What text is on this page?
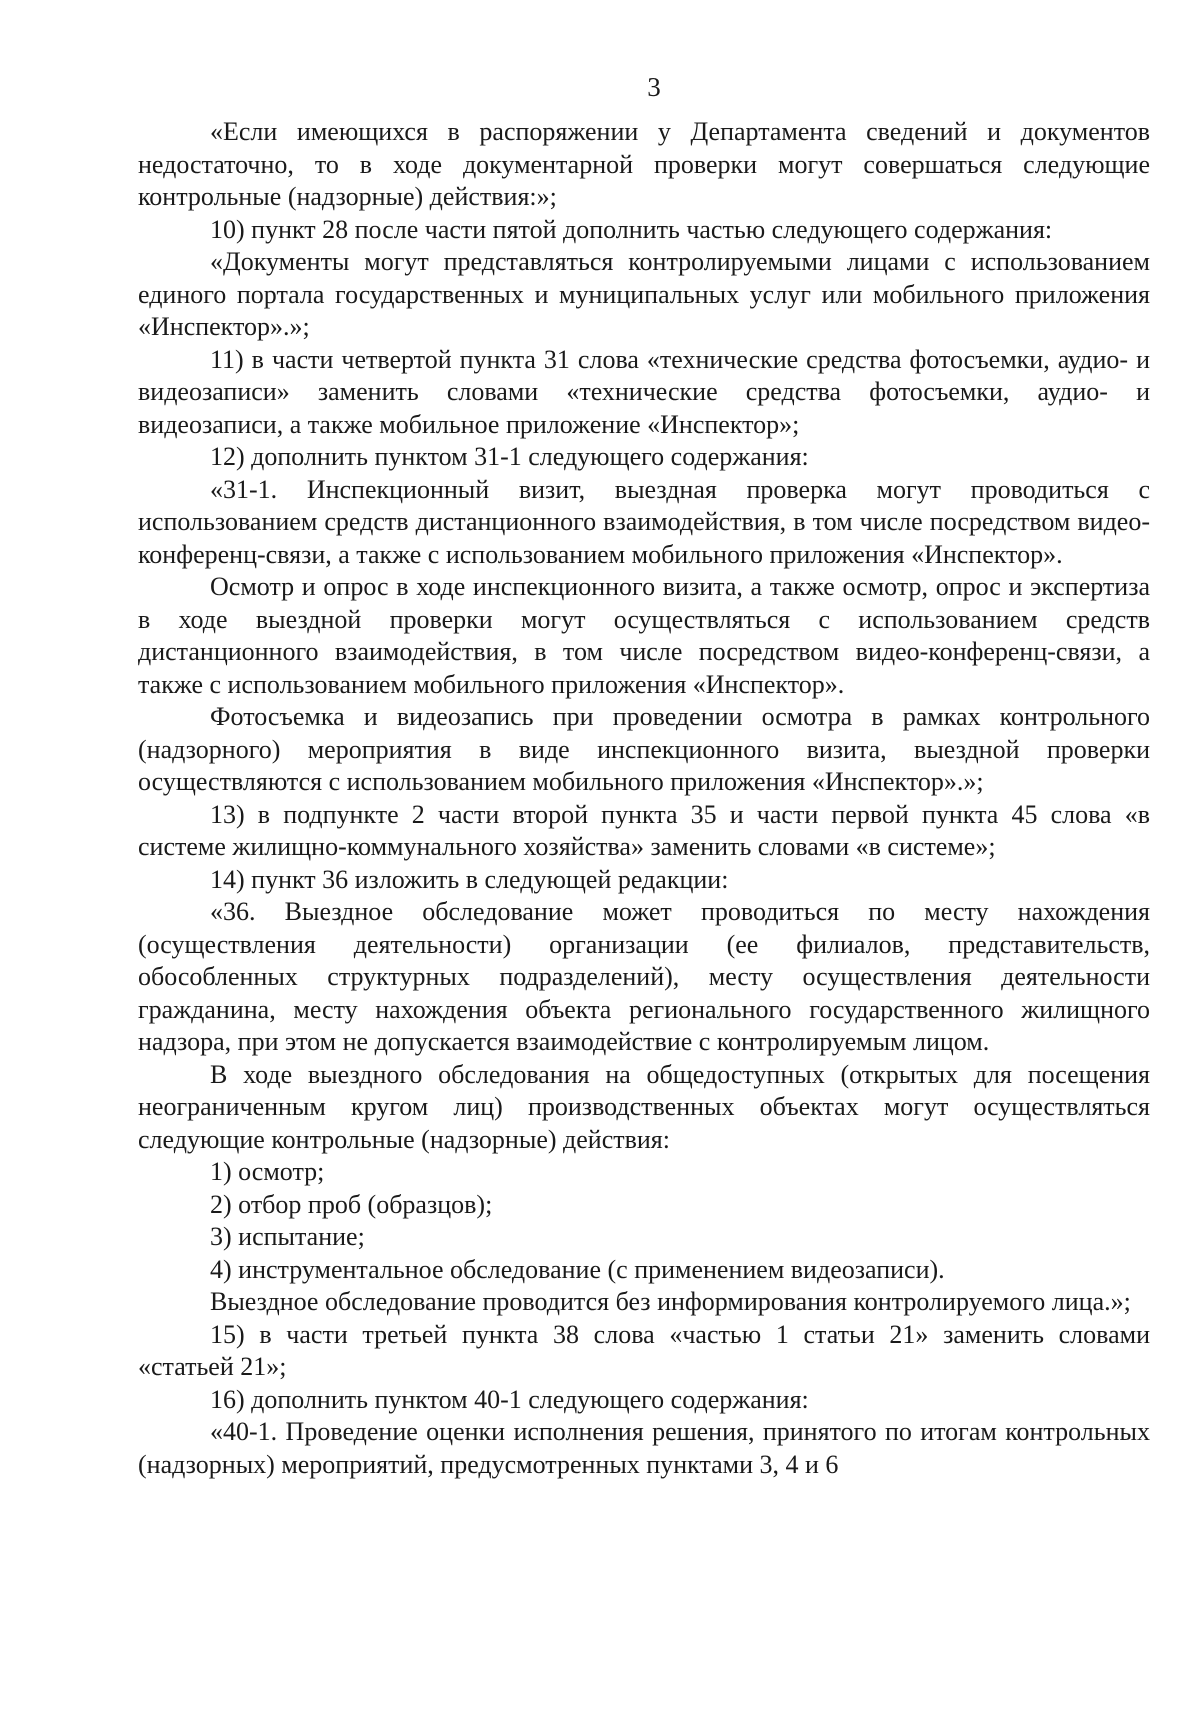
3

«Если имеющихся в распоряжении у Департамента сведений и документов недостаточно, то в ходе документарной проверки могут совершаться следующие контрольные (надзорные) действия:»;

10) пункт 28 после части пятой дополнить частью следующего содержания:

«Документы могут представляться контролируемыми лицами с использованием единого портала государственных и муниципальных услуг или мобильного приложения «Инспектор».»;

11) в части четвертой пункта 31 слова «технические средства фотосъемки, аудио- и видеозаписи» заменить словами «технические средства фотосъемки, аудио- и видеозаписи, а также мобильное приложение «Инспектор»;

12) дополнить пунктом 31-1 следующего содержания:

«31-1. Инспекционный визит, выездная проверка могут проводиться с использованием средств дистанционного взаимодействия, в том числе посредством видео-конференц-связи, а также с использованием мобильного приложения «Инспектор».

Осмотр и опрос в ходе инспекционного визита, а также осмотр, опрос и экспертиза в ходе выездной проверки могут осуществляться с использованием средств дистанционного взаимодействия, в том числе посредством видео-конференц-связи, а также с использованием мобильного приложения «Инспектор».

Фотосъемка и видеозапись при проведении осмотра в рамках контрольного (надзорного) мероприятия в виде инспекционного визита, выездной проверки осуществляются с использованием мобильного приложения «Инспектор».»;

13) в подпункте 2 части второй пункта 35 и части первой пункта 45 слова «в системе жилищно-коммунального хозяйства» заменить словами «в системе»;

14) пункт 36 изложить в следующей редакции:

«36. Выездное обследование может проводиться по месту нахождения (осуществления деятельности) организации (ее филиалов, представительств, обособленных структурных подразделений), месту осуществления деятельности гражданина, месту нахождения объекта регионального государственного жилищного надзора, при этом не допускается взаимодействие с контролируемым лицом.

В ходе выездного обследования на общедоступных (открытых для посещения неограниченным кругом лиц) производственных объектах могут осуществляться следующие контрольные (надзорные) действия:

1) осмотр;

2) отбор проб (образцов);

3) испытание;

4) инструментальное обследование (с применением видеозаписи).

Выездное обследование проводится без информирования контролируемого лица.»;

15) в части третьей пункта 38 слова «частью 1 статьи 21» заменить словами «статьей 21»;

16) дополнить пунктом 40-1 следующего содержания:

«40-1. Проведение оценки исполнения решения, принятого по итогам контрольных (надзорных) мероприятий, предусмотренных пунктами 3, 4 и 6
